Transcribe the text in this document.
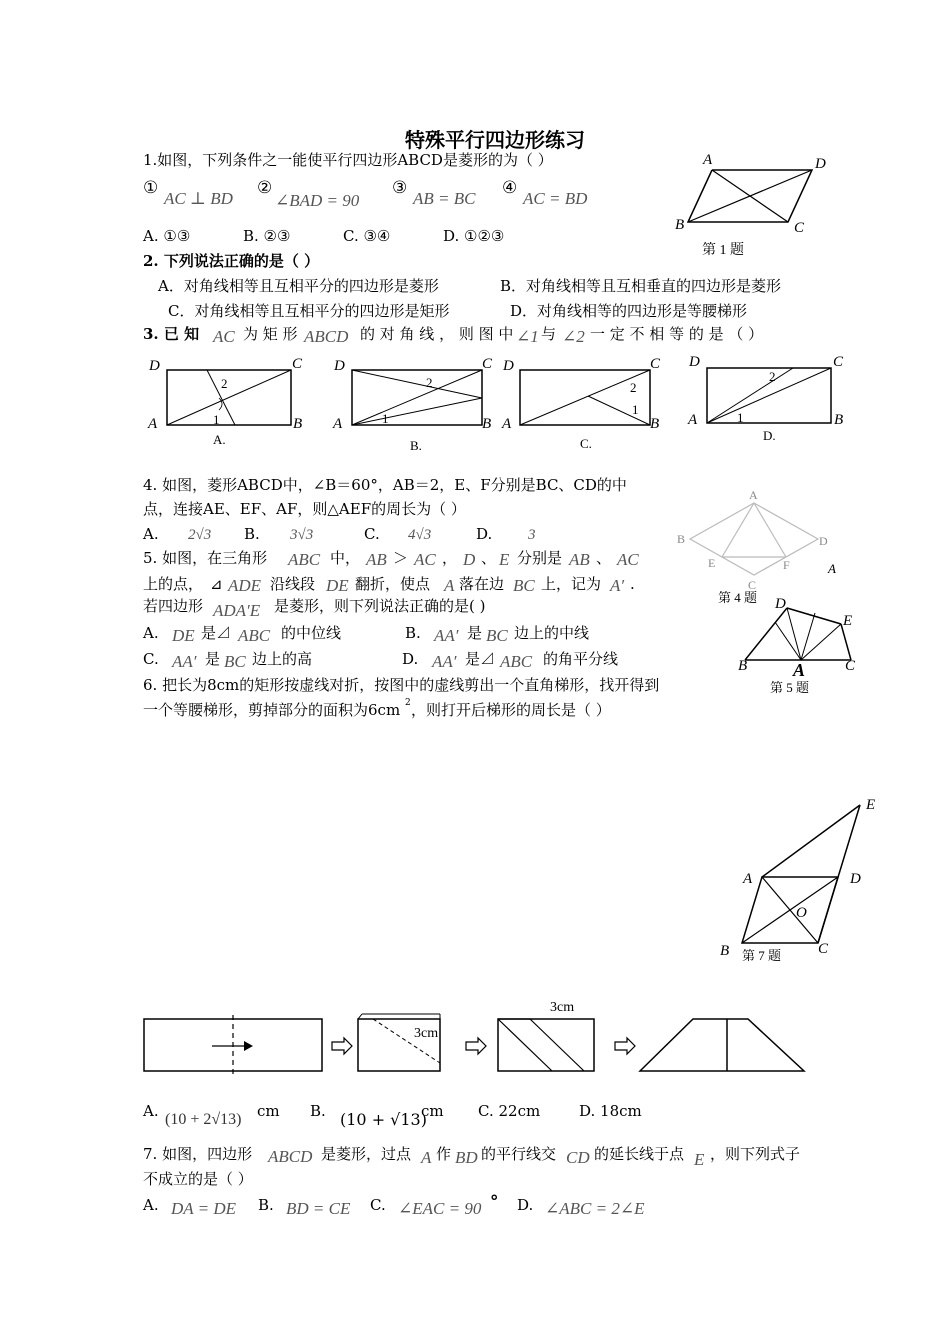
特殊平行四边形练习
1.如图，下列条件之一能使平行四边形ABCD是菱形的为（ ）
①
AC ⊥ BD
②
∠BAD = 90
③
AB = BC
④
AC = BD
A. ①③	B. ②③	C. ③④	D. ①②③
A	D
B	C
第 1 题
2. 下列说法正确的是（ ）
A．对角线相等且互相平分的四边形是菱形	B．对角线相等且互相垂直的四边形是菱形
C．对角线相等且互相平分的四边形是矩形	D．对角线相等的四边形是等腰梯形
3. 已 知 AC 为 矩 形 ABCD 的 对 角 线 ， 则 图 中 ∠1 与 ∠2 一 定 不 相 等 的 是 （ ）
D	C
A	B
2
1
A.
D	C
A	B
2
1
B.
D	C
A	B
2
1
C.
D	C
A	B
2
1
D.
4. 如图，菱形ABCD中，∠B＝60°，AB＝2，E、F分别是BC、CD的中
点，连接AE、EF、AF，则△AEF的周长为（ ）
A. 2√3 B. 3√3	C. 4√3	D. 3
A
B	D
E	F
C
第 4 题
A
5. 如图，在三角形 ABC 中， AB ＞ AC ， D 、 E 分别是 AB 、 AC
上的点， ⊿ ADE 沿线段 DE 翻折，使点 A 落在边 BC 上，记为 A′ .
若四边形 ADA′E 是菱形，则下列说法正确的是( )
A. DE 是⊿ ABC 的中位线	B. AA′ 是 BC 边上的中线
C. AA′ 是 BC 边上的高	D. AA′ 是⊿ ABC 的角平分线
D
E
B	C
A
第 5 题
6. 把长为8cm的矩形按虚线对折，按图中的虚线剪出一个直角梯形，找开得到
一个等腰梯形，剪掉部分的面积为6cm 2 ，则打开后梯形的周长是（ ）
E
A	D
O
B	C
第 7 题
3cm
3cm
A. (10 + 2√13) cm B. (10 + √13)
cm C. 22cm	D. 18cm
7. 如图，四边形 ABCD 是菱形，过点 A 作 BD 的平行线交 CD 的延长线于点 E ，则下列式子
不成立的是（ ）
A. DA = DE B. BD = CE C. ∠EAC = 90 ° D. ∠ABC = 2∠E
